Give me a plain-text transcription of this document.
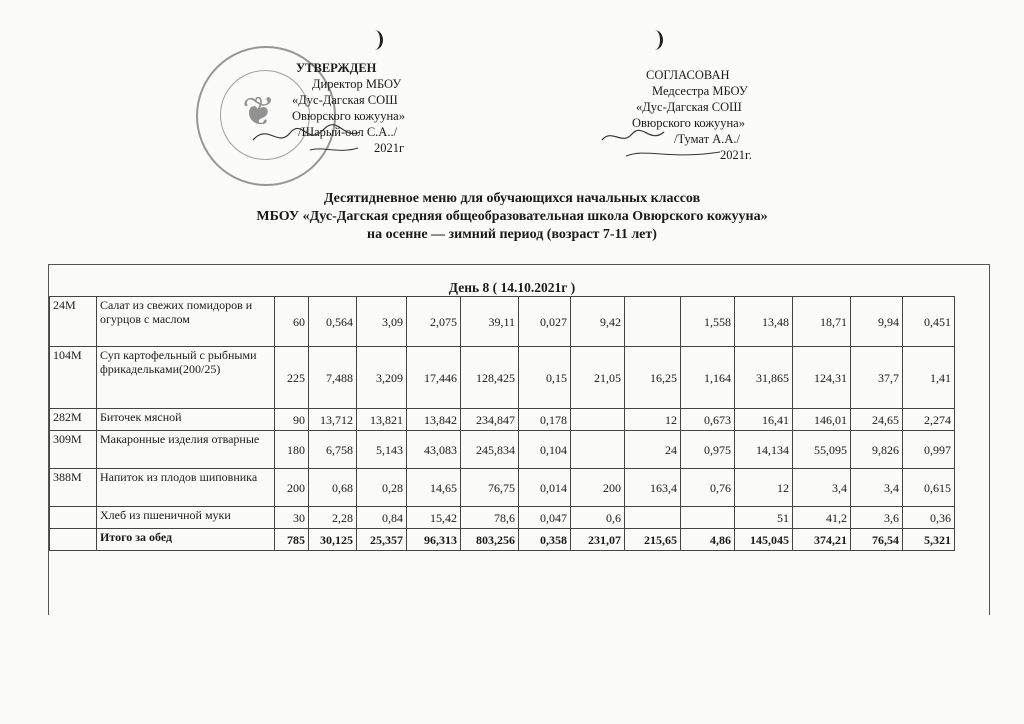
❦
УТВЕРЖДЕН
Директор МБОУ
«Дус-Дагская СОШ
Овюрского кожууна»
/Шарый-оол С.А../
2021г
СОГЛАСОВАН
Медсестра МБОУ
«Дус-Дагская СОШ
Овюрского кожууна»
/Тумат А.А./
2021г.
Десятидневное меню для обучающихся начальных классов
МБОУ «Дус-Дагская средняя общеобразовательная школа Овюрского кожууна»
на осенне — зимний период (возраст 7-11 лет)
День 8 ( 14.10.2021г )
24М	Салат из свежих помидоров и огурцов с маслом	60	0,564	3,09	2,075	39,11	0,027	9,42		1,558	13,48	18,71	9,94	0,451
104М	Суп картофельный с рыбными фрикадельками(200/25)	225	7,488	3,209	17,446	128,425	0,15	21,05	16,25	1,164	31,865	124,31	37,7	1,41
282М	Биточек мясной	90	13,712	13,821	13,842	234,847	0,178		12	0,673	16,41	146,01	24,65	2,274
309М	Макаронные изделия отварные	180	6,758	5,143	43,083	245,834	0,104		24	0,975	14,134	55,095	9,826	0,997
388М	Напиток из плодов шиповника	200	0,68	0,28	14,65	76,75	0,014	200	163,4	0,76	12	3,4	3,4	0,615
	Хлеб из пшеничной муки	30	2,28	0,84	15,42	78,6	0,047	0,6			51	41,2	3,6	0,36
	Итого за обед	785	30,125	25,357	96,313	803,256	0,358	231,07	215,65	4,86	145,045	374,21	76,54	5,321
